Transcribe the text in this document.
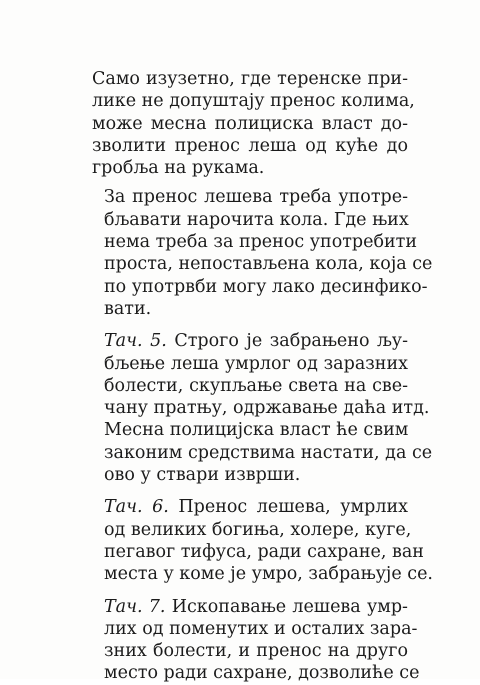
Само изузетно, где теренске при-
лике не допуштају пренос колима,
може месна полициска власт до-
зволити пренос леша од куће до
гробља на рукама.

За пренос лешева треба употре-
бљавати нарочита кола. Где њих
нема треба за пренос употребити
проста, непостављена кола, која се
по употрвби могу лако десинфико-
вати.

Тач. 5. Строго је забрањено љу-
бљење леша умрлог од заразних
болести, скупљање света на све-
чану пратњу, одржавање даћа итд.
Месна полицијска власт ће свим
законим средствима настати, да се
ово у ствари изврши.

Тач. 6. Пренос лешева, умрлих
од великих богиња, холере, куге,
пегавог тифуса, ради сахране, ван
места у коме је умро, забрањује се.

Тач. 7. Ископавање лешева умр-
лих од поменутих и осталих зара-
зних болести, и пренос на друго
место ради сахране, дозволиће се
